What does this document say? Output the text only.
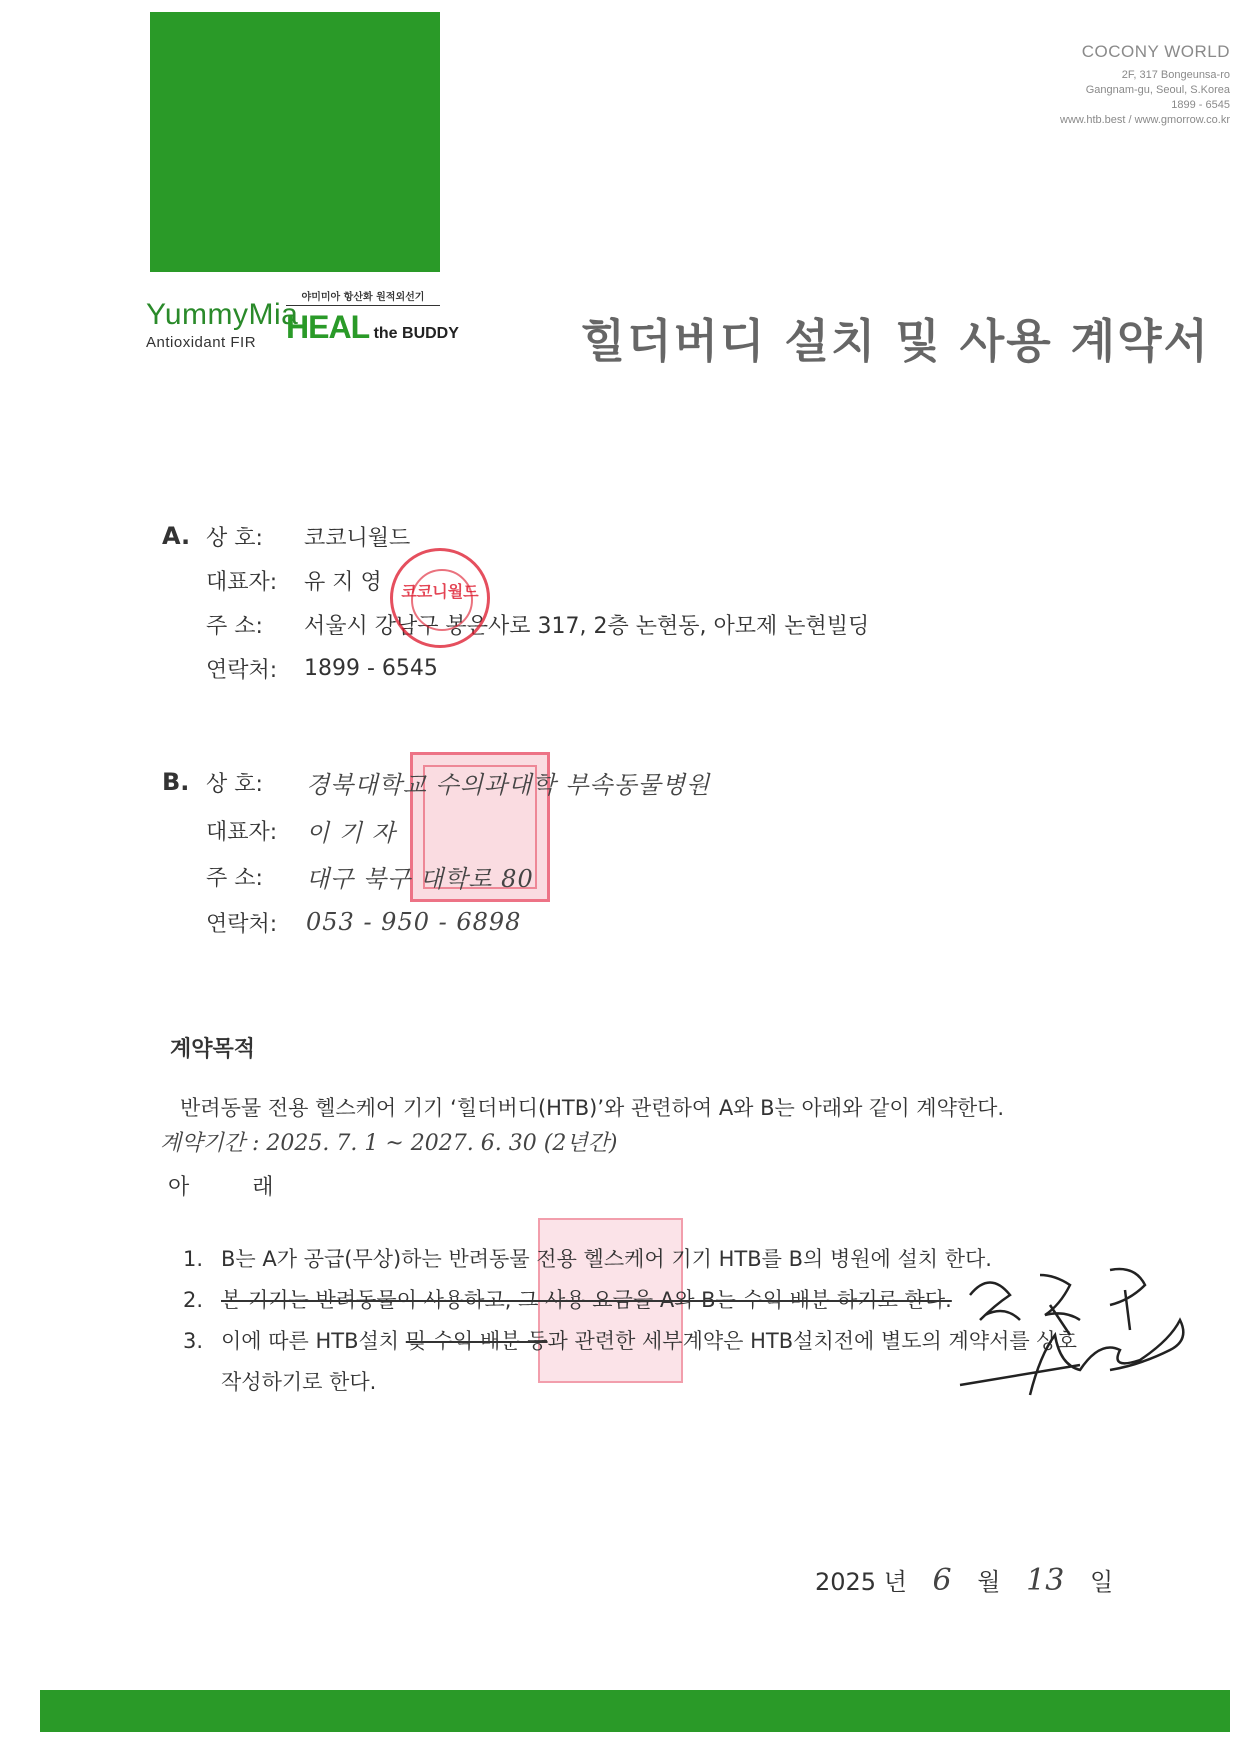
COCONY WORLD
2F, 317 Bongeunsa-ro
Gangnam-gu, Seoul, S.Korea
1899 - 6545
www.htb.best / www.gmorrow.co.kr
YummyMia
Antioxidant FIR
야미미아 항산화 원적외선기
HEAL the BUDDY	힐더버디 설치 및 사용 계약서
A. 상 호:	코코니월드
대표자:	유 지 영
주 소:	서울시 강남구 봉은사로 317, 2층 논현동, 아모제 논현빌딩
연락처:	1899 - 6545
코코니월드
B. 상 호:	경북대학교 수의과대학 부속동물병원
대표자:	이 기 자
주 소:	대구 북구 대학로 80
연락처:	053 - 950 - 6898
계약목적
반려동물 전용 헬스케어 기기 ‘힐더버디(HTB)’와 관련하여 A와 B는 아래와 같이 계약한다.
계약기간 : 2025. 7. 1 ~ 2027. 6. 30 (2년간)
아 래
1. B는 A가 공급(무상)하는 반려동물 전용 헬스케어 기기 HTB를 B의 병원에 설치 한다.
2. 본 기기는 반려동물이 사용하고, 그 사용 요금을 A와 B는 수익 배분 하기로 한다.
3. 이에 따른 HTB설치 및 수익 배분 등과 관련한 세부계약은 HTB설치전에 별도의 계약서를 상호
작성하기로 한다.
2025 년 6 월 13 일
